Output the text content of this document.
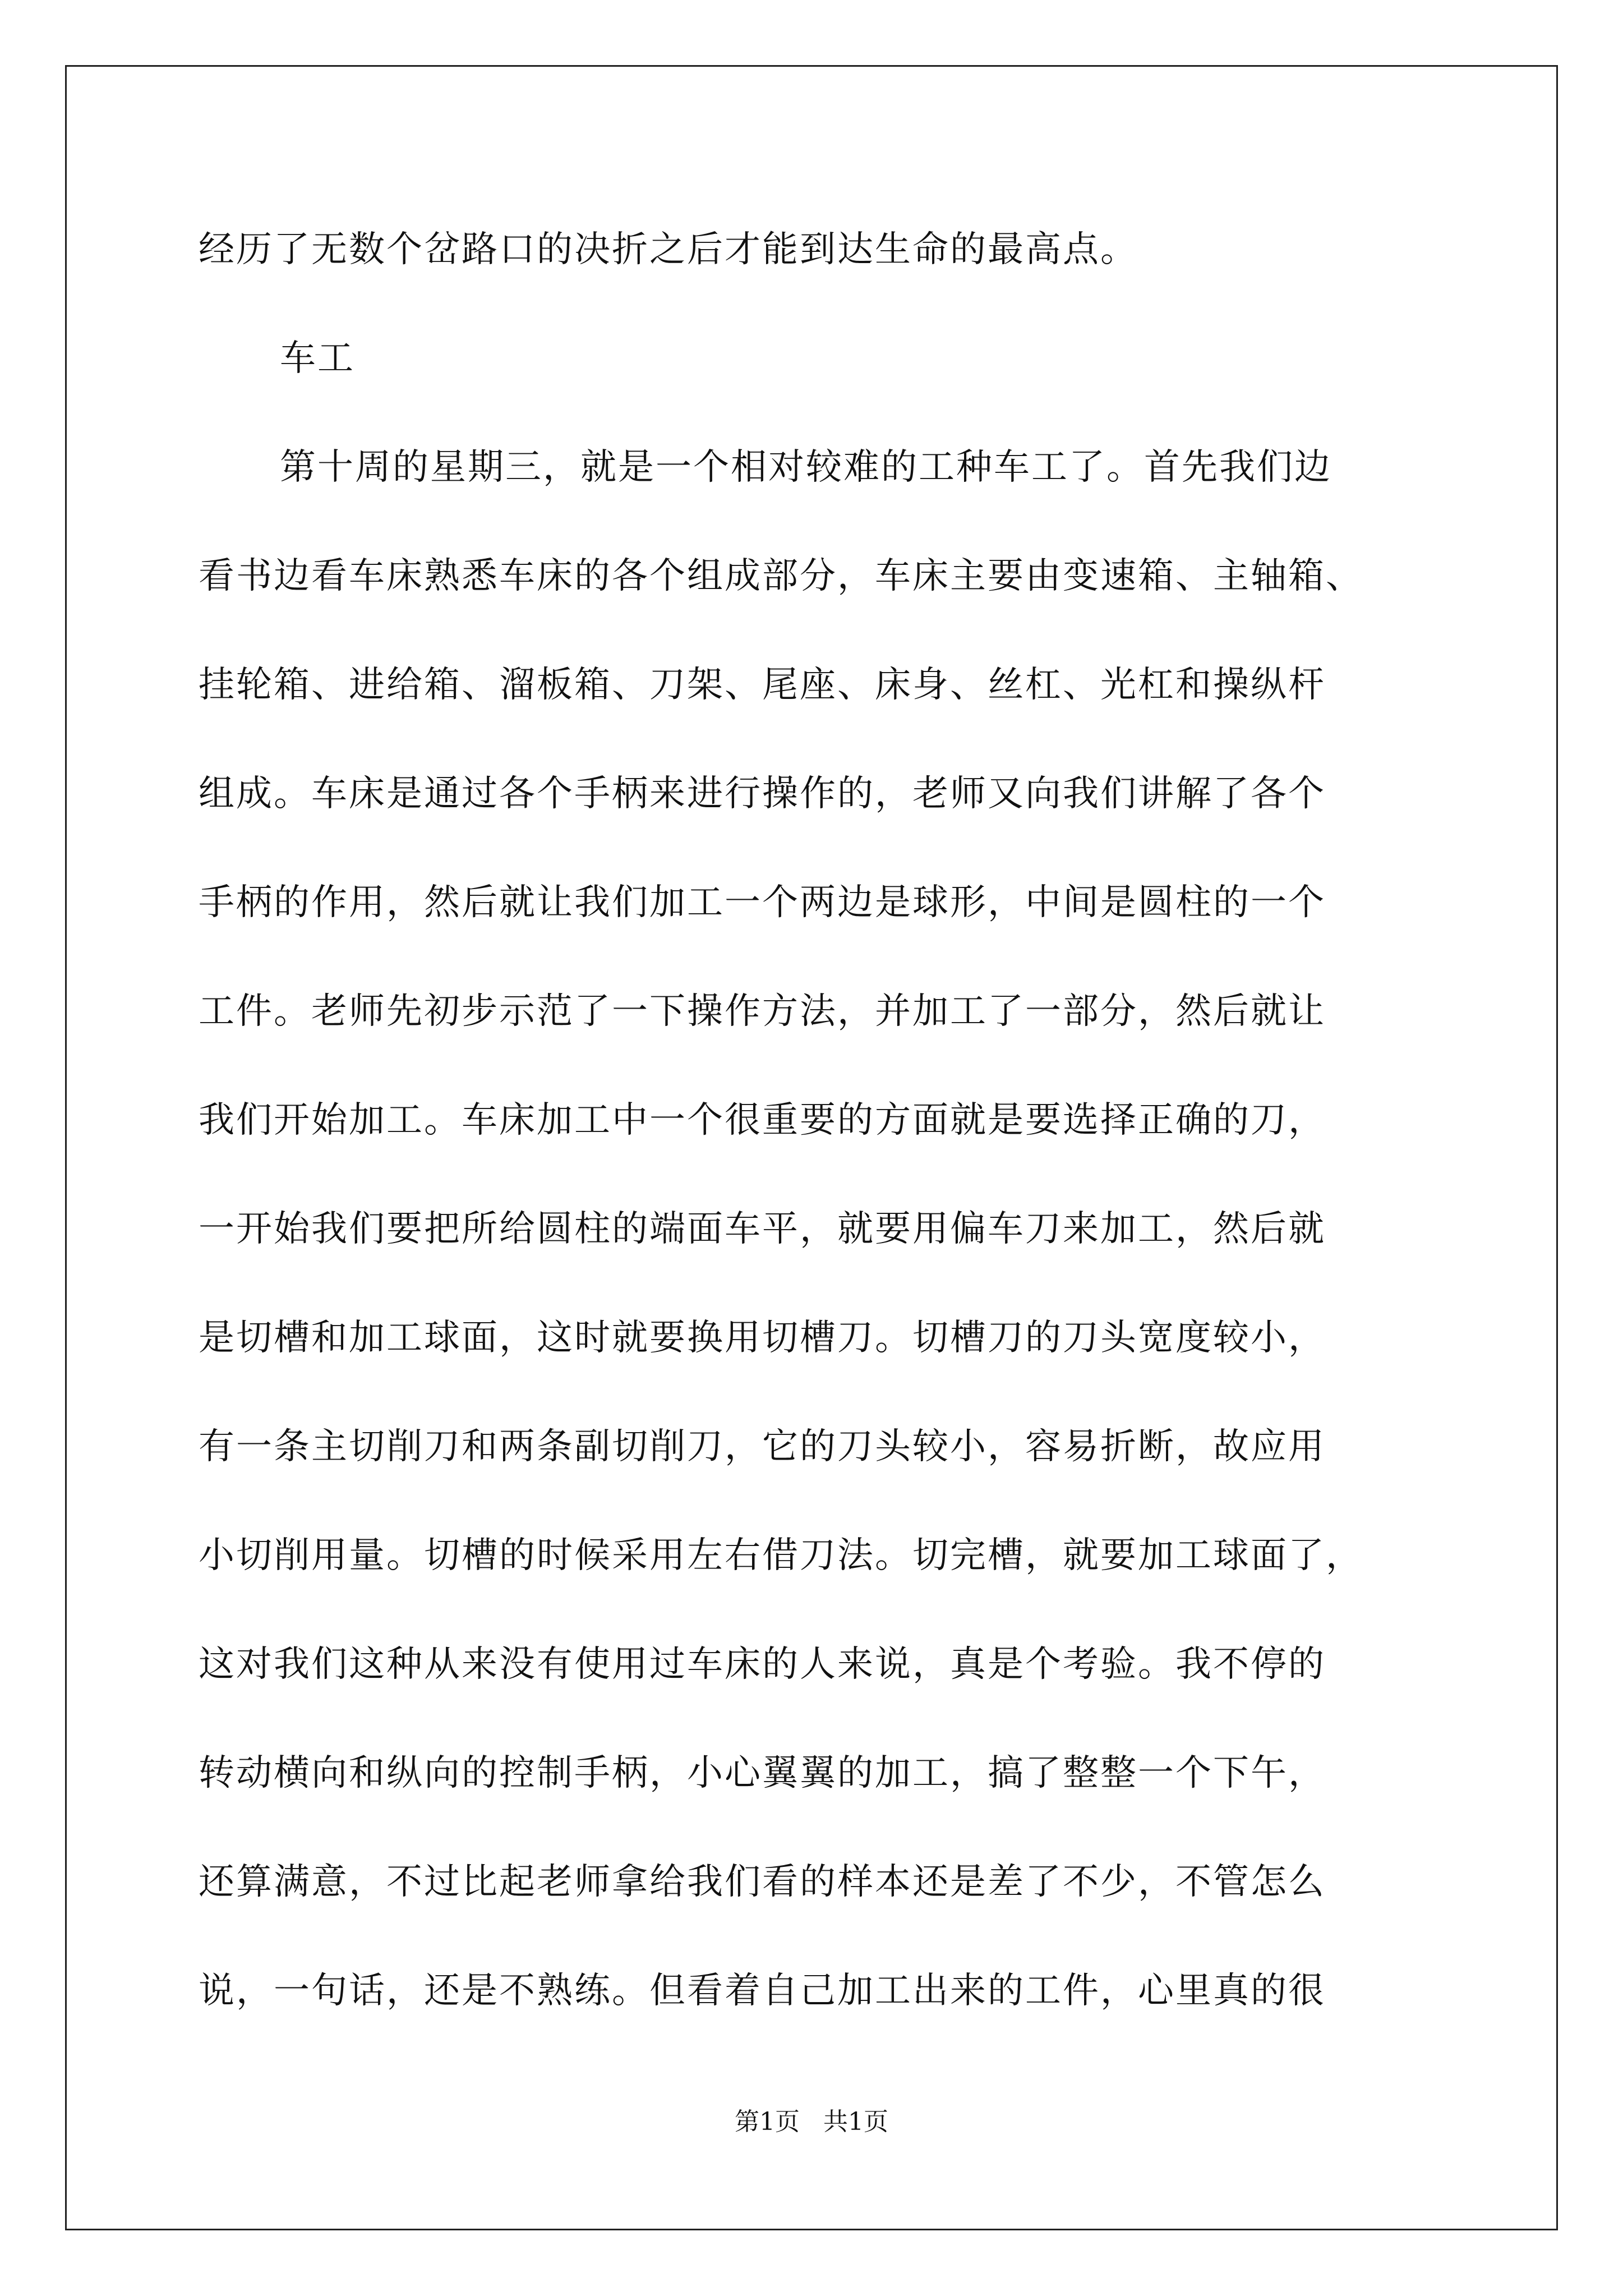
经历了无数个岔路口的决折之后才能到达生命的最高点。
车工
第十周的星期三，就是一个相对较难的工种车工了。首先我们边
看书边看车床熟悉车床的各个组成部分，车床主要由变速箱、主轴箱、
挂轮箱、进给箱、溜板箱、刀架、尾座、床身、丝杠、光杠和操纵杆
组成。车床是通过各个手柄来进行操作的，老师又向我们讲解了各个
手柄的作用，然后就让我们加工一个两边是球形，中间是圆柱的一个
工件。老师先初步示范了一下操作方法，并加工了一部分，然后就让
我们开始加工。车床加工中一个很重要的方面就是要选择正确的刀，
一开始我们要把所给圆柱的端面车平，就要用偏车刀来加工，然后就
是切槽和加工球面，这时就要换用切槽刀。切槽刀的刀头宽度较小，
有一条主切削刀和两条副切削刀，它的刀头较小，容易折断，故应用
小切削用量。切槽的时候采用左右借刀法。切完槽，就要加工球面了，
这对我们这种从来没有使用过车床的人来说，真是个考验。我不停的
转动横向和纵向的控制手柄，小心翼翼的加工，搞了整整一个下午，
还算满意，不过比起老师拿给我们看的样本还是差了不少，不管怎么
说，一句话，还是不熟练。但看着自己加工出来的工件，心里真的很
第1页   共1页
